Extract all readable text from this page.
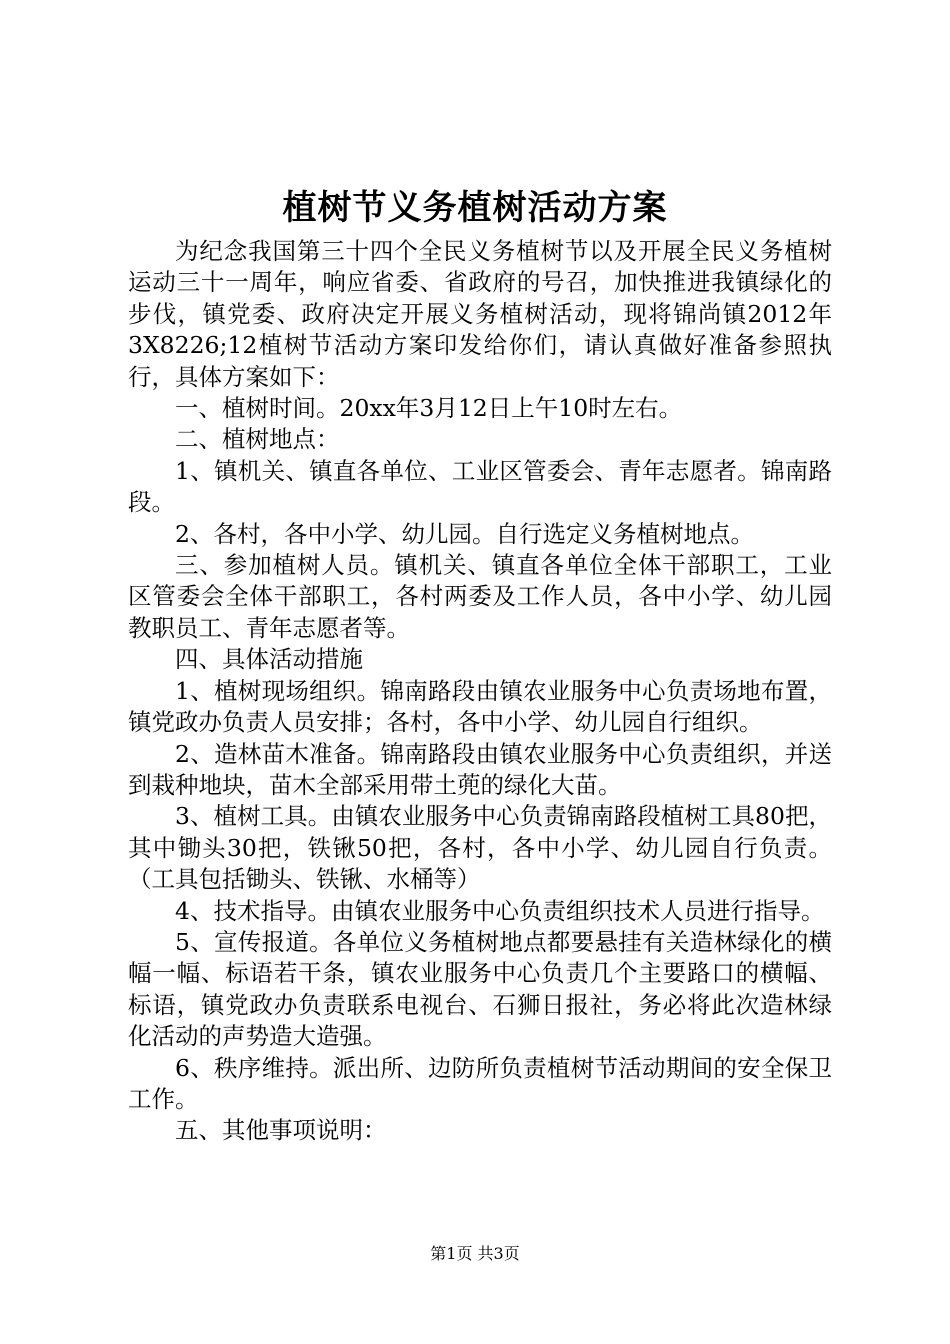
植树节义务植树活动方案

为纪念我国第三十四个全民义务植树节以及开展全民义务植树运动三十一周年，响应省委、省政府的号召，加快推进我镇绿化的步伐，镇党委、政府决定开展义务植树活动，现将锦尚镇2012年3X8226;12植树节活动方案印发给你们，请认真做好准备参照执行，具体方案如下：

一、植树时间。20xx年3月12日上午10时左右。

二、植树地点：

1、镇机关、镇直各单位、工业区管委会、青年志愿者。锦南路段。

2、各村，各中小学、幼儿园。自行选定义务植树地点。

三、参加植树人员。镇机关、镇直各单位全体干部职工，工业区管委会全体干部职工，各村两委及工作人员，各中小学、幼儿园教职员工、青年志愿者等。

四、具体活动措施

1、植树现场组织。锦南路段由镇农业服务中心负责场地布置，镇党政办负责人员安排；各村，各中小学、幼儿园自行组织。

2、造林苗木准备。锦南路段由镇农业服务中心负责组织，并送到栽种地块，苗木全部采用带土蔸的绿化大苗。

3、植树工具。由镇农业服务中心负责锦南路段植树工具80把，其中锄头30把，铁锹50把，各村，各中小学、幼儿园自行负责。（工具包括锄头、铁锹、水桶等）

4、技术指导。由镇农业服务中心负责组织技术人员进行指导。

5、宣传报道。各单位义务植树地点都要悬挂有关造林绿化的横幅一幅、标语若干条，镇农业服务中心负责几个主要路口的横幅、标语，镇党政办负责联系电视台、石狮日报社，务必将此次造林绿化活动的声势造大造强。

6、秩序维持。派出所、边防所负责植树节活动期间的安全保卫工作。

五、其他事项说明：

第1页 共3页
